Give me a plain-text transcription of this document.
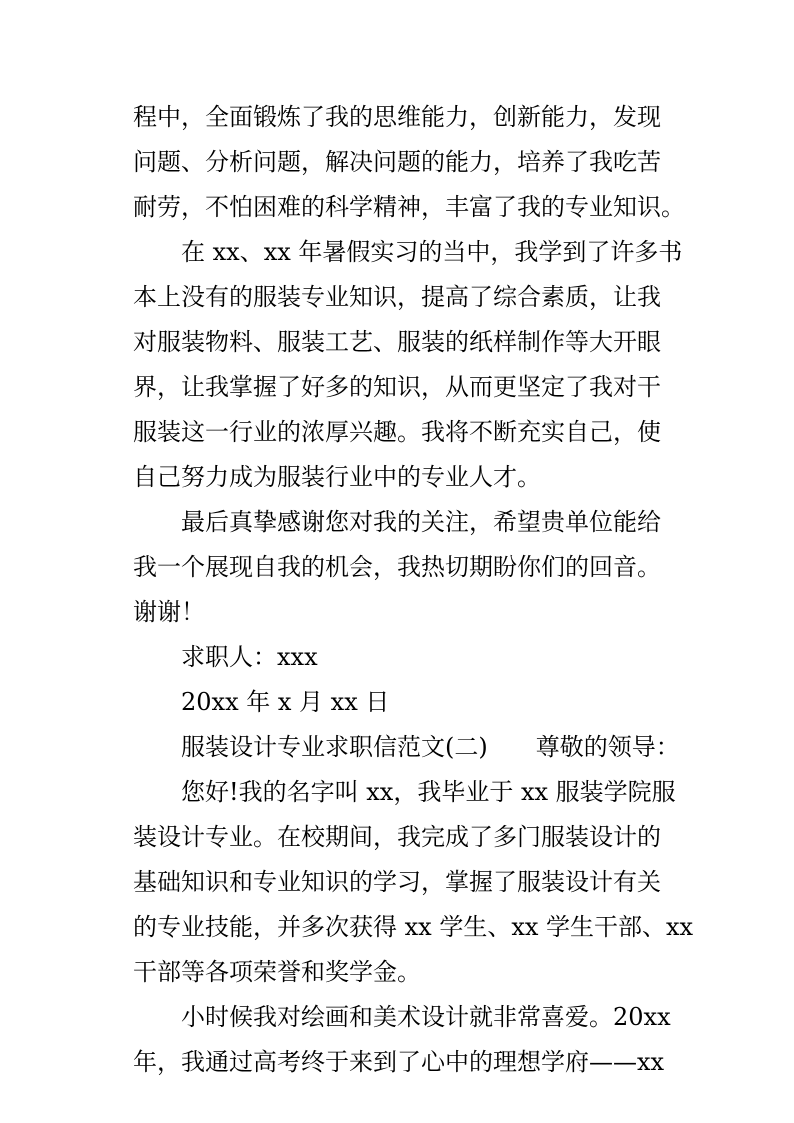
程中，全面锻炼了我的思维能力，创新能力，发现
问题、分析问题，解决问题的能力，培养了我吃苦
耐劳，不怕困难的科学精神，丰富了我的专业知识。
在 xx、xx 年暑假实习的当中，我学到了许多书
本上没有的服装专业知识，提高了综合素质，让我
对服装物料、服装工艺、服装的纸样制作等大开眼
界，让我掌握了好多的知识，从而更坚定了我对干
服装这一行业的浓厚兴趣。我将不断充实自己，使
自己努力成为服装行业中的专业人才。
最后真挚感谢您对我的关注，希望贵单位能给
我一个展现自我的机会，我热切期盼你们的回音。
谢谢！
求职人：xxx
20xx 年 x 月 xx 日
服装设计专业求职信范文(二) 尊敬的领导：
您好!我的名字叫 xx，我毕业于 xx 服装学院服
装设计专业。在校期间，我完成了多门服装设计的
基础知识和专业知识的学习，掌握了服装设计有关
的专业技能，并多次获得 xx 学生、xx 学生干部、xx
干部等各项荣誉和奖学金。
小时候我对绘画和美术设计就非常喜爱。20xx
年，我通过高考终于来到了心中的理想学府——xx
